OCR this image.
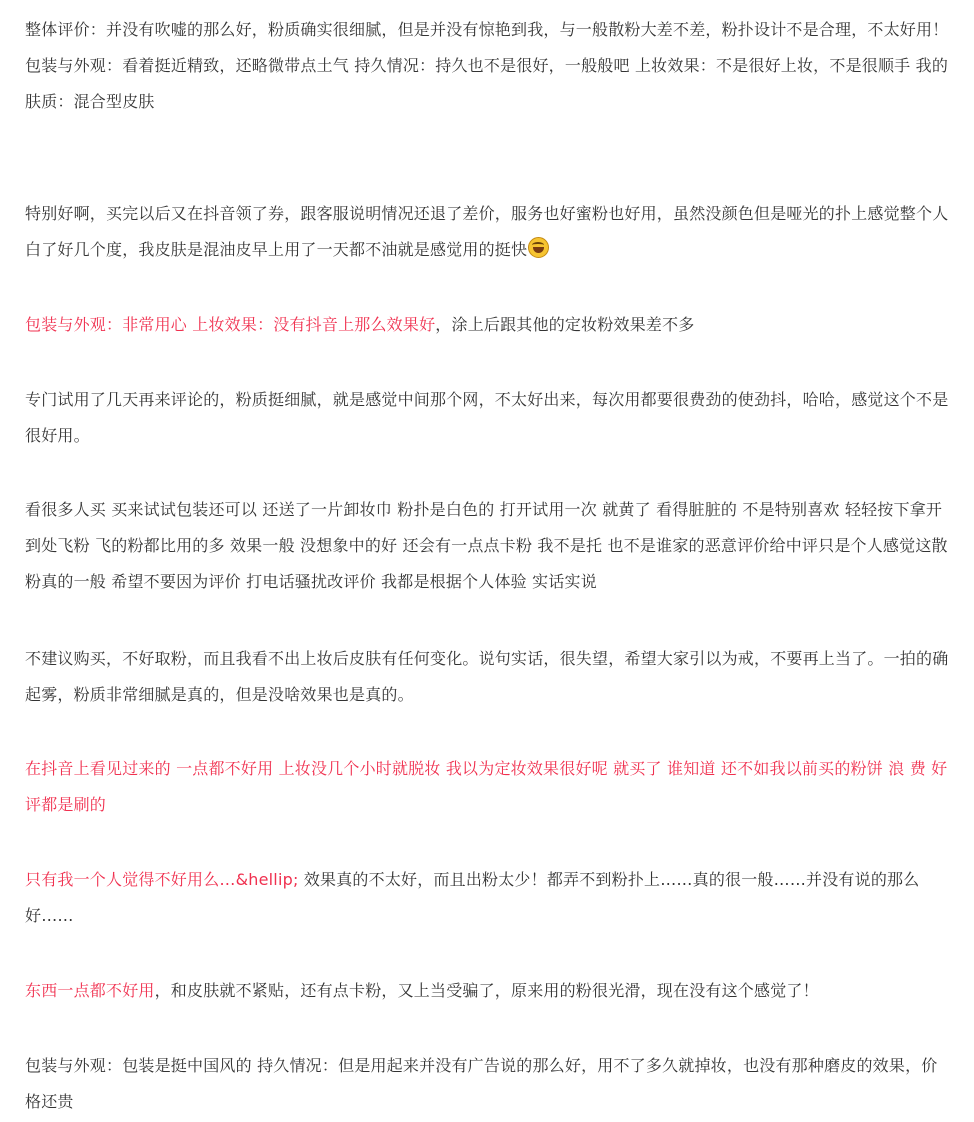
整体评价：并没有吹嘘的那么好，粉质确实很细腻，但是并没有惊艳到我，与一般散粉大差不差，粉扑设计不是合理，不太好用！ 包装与外观：看着挺近精致，还略微带点土气 持久情况：持久也不是很好，一般般吧 上妆效果：不是很好上妆，不是很顺手 我的肤质：混合型皮肤

特别好啊，买完以后又在抖音领了券，跟客服说明情况还退了差价，服务也好蜜粉也好用，虽然没颜色但是哑光的扑上感觉整个人白了好几个度，我皮肤是混油皮早上用了一天都不油就是感觉用的挺快

包装与外观：非常用心 上妆效果：没有抖音上那么效果好，涂上后跟其他的定妆粉效果差不多

专门试用了几天再来评论的，粉质挺细腻，就是感觉中间那个网，不太好出来，每次用都要很费劲的使劲抖，哈哈，感觉这个不是很好用。

看很多人买 买来试试包装还可以 还送了一片卸妆巾 粉扑是白色的 打开试用一次 就黄了 看得脏脏的 不是特别喜欢 轻轻按下拿开到处飞粉 飞的粉都比用的多 效果一般 没想象中的好 还会有一点点卡粉 我不是托 也不是谁家的恶意评价给中评只是个人感觉这散粉真的一般 希望不要因为评价 打电话骚扰改评价 我都是根据个人体验 实话实说

不建议购买，不好取粉，而且我看不出上妆后皮肤有任何变化。说句实话，很失望，希望大家引以为戒，不要再上当了。一拍的确起雾，粉质非常细腻是真的，但是没啥效果也是真的。

在抖音上看见过来的 一点都不好用 上妆没几个小时就脱妆 我以为定妆效果很好呢 就买了 谁知道 还不如我以前买的粉饼 浪 费 好评都是刷的

只有我一个人觉得不好用么…&hellip; 效果真的不太好，而且出粉太少！都弄不到粉扑上……真的很一般……并没有说的那么好……

东西一点都不好用，和皮肤就不紧贴，还有点卡粉，又上当受骗了，原来用的粉很光滑，现在没有这个感觉了！

包装与外观：包装是挺中国风的 持久情况：但是用起来并没有广告说的那么好，用不了多久就掉妆，也没有那种磨皮的效果，价格还贵
